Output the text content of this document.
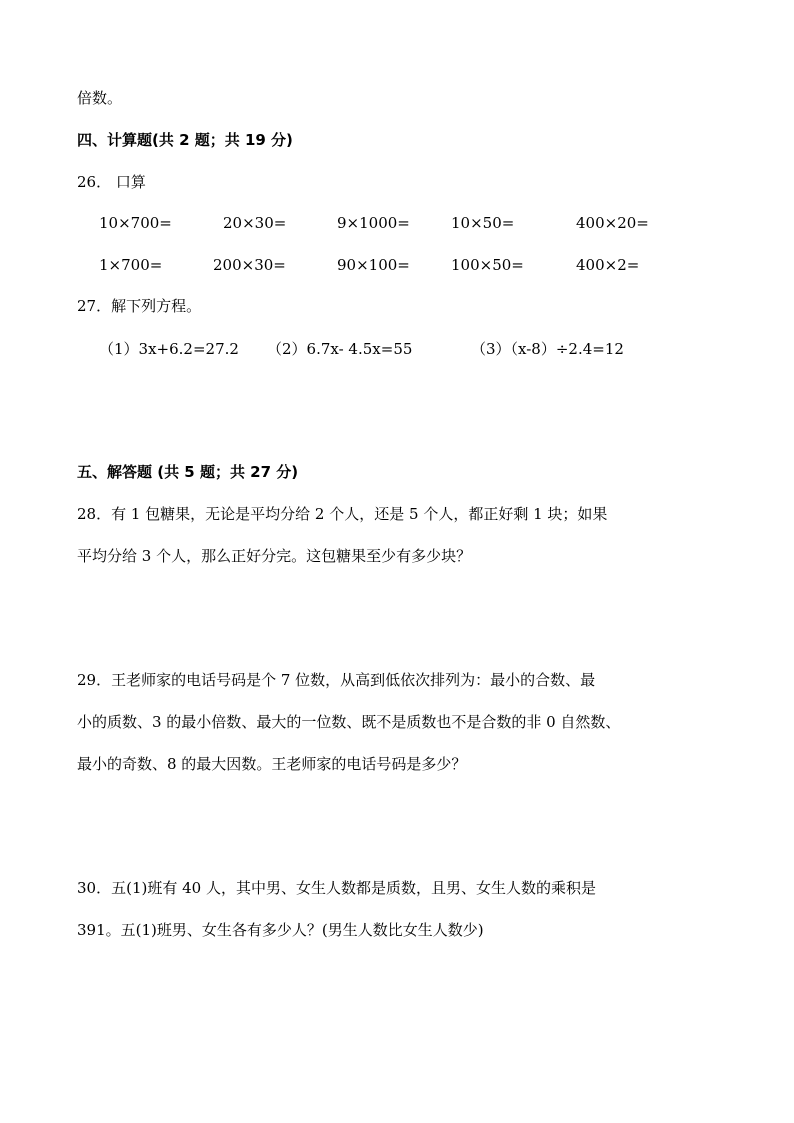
倍数。
四、计算题(共 2 题；共 19 分)
26． 口算
10×700=	20×30=	9×1000=	10×50=	400×20=
1×700=	200×30=	90×100=	100×50=	400×2=
27．解下列方程。
（1）3x+6.2=27.2 （2）6.7x- 4.5x=55	（3）（x-8）÷2.4=12
五、解答题 (共 5 题；共 27 分)
28．有 1 包糖果，无论是平均分给 2 个人，还是 5 个人，都正好剩 1 块；如果
平均分给 3 个人，那么正好分完。这包糖果至少有多少块？
29．王老师家的电话号码是个 7 位数，从高到低依次排列为：最小的合数、最
小的质数、3 的最小倍数、最大的一位数、既不是质数也不是合数的非 0 自然数、
最小的奇数、8 的最大因数。王老师家的电话号码是多少？
30．五(1)班有 40 人，其中男、女生人数都是质数，且男、女生人数的乘积是
391。五(1)班男、女生各有多少人？(男生人数比女生人数少)
